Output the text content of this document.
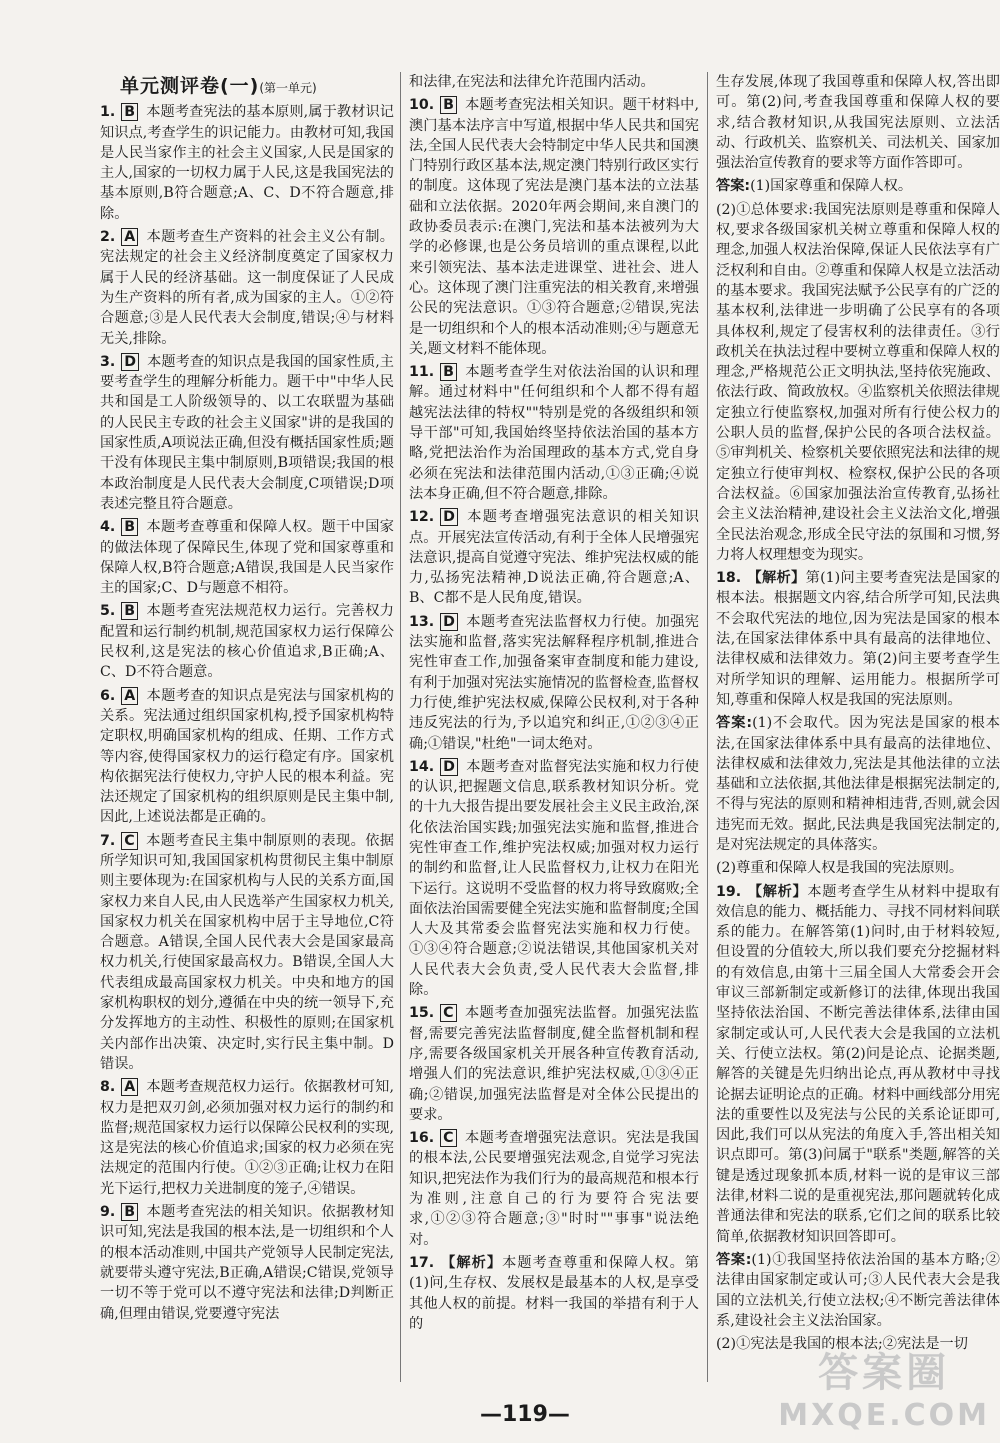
单元测评卷(一)(第一单元)
1. B 本题考查宪法的基本原则,属于教材识记知识点,考查学生的识记能力。由教材可知,我国是人民当家作主的社会主义国家,人民是国家的主人,国家的一切权力属于人民,这是我国宪法的基本原则,B符合题意;A、C、D不符合题意,排除。
2. A 本题考查生产资料的社会主义公有制。宪法规定的社会主义经济制度奠定了国家权力属于人民的经济基础。这一制度保证了人民成为生产资料的所有者,成为国家的主人。①②符合题意;③是人民代表大会制度,错误;④与材料无关,排除。
3. D 本题考查的知识点是我国的国家性质,主要考查学生的理解分析能力。题干中"中华人民共和国是工人阶级领导的、以工农联盟为基础的人民民主专政的社会主义国家"讲的是我国的国家性质,A项说法正确,但没有概括国家性质;题干没有体现民主集中制原则,B项错误;我国的根本政治制度是人民代表大会制度,C项错误;D项表述完整且符合题意。
4. B 本题考查尊重和保障人权。题干中国家的做法体现了保障民生,体现了党和国家尊重和保障人权,B符合题意;A错误,我国是人民当家作主的国家;C、D与题意不相符。
5. B 本题考查宪法规范权力运行。完善权力配置和运行制约机制,规范国家权力运行保障公民权利,这是宪法的核心价值追求,B正确;A、C、D不符合题意。
6. A 本题考查的知识点是宪法与国家机构的关系。宪法通过组织国家机构,授予国家机构特定职权,明确国家机构的组成、任期、工作方式等内容,使得国家权力的运行稳定有序。国家机构依据宪法行使权力,守护人民的根本利益。宪法还规定了国家机构的组织原则是民主集中制,因此,上述说法都是正确的。
7. C 本题考查民主集中制原则的表现。依据所学知识可知,我国国家机构贯彻民主集中制原则主要体现为:在国家机构与人民的关系方面,国家权力来自人民,由人民选举产生国家权力机关,国家权力机关在国家机构中居于主导地位,C符合题意。A错误,全国人民代表大会是国家最高权力机关,行使国家最高权力。B错误,全国人大代表组成最高国家权力机关。中央和地方的国家机构职权的划分,遵循在中央的统一领导下,充分发挥地方的主动性、积极性的原则;在国家机关内部作出决策、决定时,实行民主集中制。D错误。
8. A 本题考查规范权力运行。依据教材可知,权力是把双刃剑,必须加强对权力运行的制约和监督;规范国家权力运行以保障公民权利的实现,这是宪法的核心价值追求;国家的权力必须在宪法规定的范围内行使。①②③正确;让权力在阳光下运行,把权力关进制度的笼子,④错误。
9. B 本题考查宪法的相关知识。依据教材知识可知,宪法是我国的根本法,是一切组织和个人的根本活动准则,中国共产党领导人民制定宪法,就要带头遵守宪法,B正确,A错误;C错误,党领导一切不等于党可以不遵守宪法和法律;D判断正确,但理由错误,党要遵守宪法
和法律,在宪法和法律允许范围内活动。
10. B 本题考查宪法相关知识。题干材料中,澳门基本法序言中写道,根据中华人民共和国宪法,全国人民代表大会特制定中华人民共和国澳门特别行政区基本法,规定澳门特别行政区实行的制度。这体现了宪法是澳门基本法的立法基础和立法依据。2020年两会期间,来自澳门的政协委员表示:在澳门,宪法和基本法被列为大学的必修课,也是公务员培训的重点课程,以此来引领宪法、基本法走进课堂、进社会、进人心。这体现了澳门注重宪法的相关教育,来增强公民的宪法意识。①③符合题意;②错误,宪法是一切组织和个人的根本活动准则;④与题意无关,题文材料不能体现。
11. B 本题考查学生对依法治国的认识和理解。通过材料中"任何组织和个人都不得有超越宪法法律的特权""特别是党的各级组织和领导干部"可知,我国始终坚持依法治国的基本方略,党把法治作为治国理政的基本方式,党自身必须在宪法和法律范围内活动,①③正确;④说法本身正确,但不符合题意,排除。
12. D 本题考查增强宪法意识的相关知识点。开展宪法宣传活动,有利于全体人民增强宪法意识,提高自觉遵守宪法、维护宪法权威的能力,弘扬宪法精神,D说法正确,符合题意;A、B、C都不是人民角度,错误。
13. D 本题考查宪法监督权力行使。加强宪法实施和监督,落实宪法解释程序机制,推进合宪性审查工作,加强备案审查制度和能力建设,有利于加强对宪法实施情况的监督检查,监督权力行使,维护宪法权威,保障公民权利,对于各种违反宪法的行为,予以追究和纠正,①②③④正确;①错误,"杜绝"一词太绝对。
14. D 本题考查对监督宪法实施和权力行使的认识,把握题文信息,联系教材知识分析。党的十九大报告提出要发展社会主义民主政治,深化依法治国实践;加强宪法实施和监督,推进合宪性审查工作,维护宪法权威;加强对权力运行的制约和监督,让人民监督权力,让权力在阳光下运行。这说明不受监督的权力将导致腐败;全面依法治国需要健全宪法实施和监督制度;全国人大及其常委会监督宪法实施和权力行使。①③④符合题意;②说法错误,其他国家机关对人民代表大会负责,受人民代表大会监督,排除。
15. C 本题考查加强宪法监督。加强宪法监督,需要完善宪法监督制度,健全监督机制和程序,需要各级国家机关开展各种宣传教育活动,增强人们的宪法意识,维护宪法权威,①③④正确;②错误,加强宪法监督是对全体公民提出的要求。
16. C 本题考查增强宪法意识。宪法是我国的根本法,公民要增强宪法观念,自觉学习宪法知识,把宪法作为我们行为的最高规范和根本行为准则,注意自己的行为要符合宪法要求,①②③符合题意;③"时时""事事"说法绝对。
17. 【解析】本题考查尊重和保障人权。第(1)问,生存权、发展权是最基本的人权,是享受其他人权的前提。材料一我国的举措有利于人的
生存发展,体现了我国尊重和保障人权,答出即可。第(2)问,考查我国尊重和保障人权的要求,结合教材知识,从我国宪法原则、立法活动、行政机关、监察机关、司法机关、国家加强法治宣传教育的要求等方面作答即可。
答案:(1)国家尊重和保障人权。
(2)①总体要求:我国宪法原则是尊重和保障人权,要求各级国家机关树立尊重和保障人权的理念,加强人权法治保障,保证人民依法享有广泛权利和自由。②尊重和保障人权是立法活动的基本要求。我国宪法赋予公民享有的广泛的基本权利,法律进一步明确了公民享有的各项具体权利,规定了侵害权利的法律责任。③行政机关在执法过程中要树立尊重和保障人权的理念,严格规范公正文明执法,坚持依宪施政、依法行政、简政放权。④监察机关依照法律规定独立行使监察权,加强对所有行使公权力的公职人员的监督,保护公民的各项合法权益。⑤审判机关、检察机关要依照宪法和法律的规定独立行使审判权、检察权,保护公民的各项合法权益。⑥国家加强法治宣传教育,弘扬社会主义法治精神,建设社会主义法治文化,增强全民法治观念,形成全民守法的氛围和习惯,努力将人权理想变为现实。
18. 【解析】第(1)问主要考查宪法是国家的根本法。根据题文内容,结合所学可知,民法典不会取代宪法的地位,因为宪法是国家的根本法,在国家法律体系中具有最高的法律地位、法律权威和法律效力。第(2)问主要考查学生对所学知识的理解、运用能力。根据所学可知,尊重和保障人权是我国的宪法原则。
答案:(1)不会取代。因为宪法是国家的根本法,在国家法律体系中具有最高的法律地位、法律权威和法律效力,宪法是其他法律的立法基础和立法依据,其他法律是根据宪法制定的,不得与宪法的原则和精神相违背,否则,就会因违宪而无效。据此,民法典是我国宪法制定的,是对宪法规定的具体落实。
(2)尊重和保障人权是我国的宪法原则。
19. 【解析】本题考查学生从材料中提取有效信息的能力、概括能力、寻找不同材料间联系的能力。在解答第(1)问时,由于材料较短,但设置的分值较大,所以我们要充分挖掘材料的有效信息,由第十三届全国人大常委会开会审议三部新制定或新修订的法律,体现出我国坚持依法治国、不断完善法律体系,法律由国家制定或认可,人民代表大会是我国的立法机关、行使立法权。第(2)问是论点、论据类题,解答的关键是先归纳出论点,再从教材中寻找论据去证明论点的正确。材料中画线部分用宪法的重要性以及宪法与公民的关系论证即可,因此,我们可以从宪法的角度入手,答出相关知识点即可。第(3)问属于"联系"类题,解答的关键是透过现象抓本质,材料一说的是审议三部法律,材料二说的是重视宪法,那问题就转化成普通法律和宪法的联系,它们之间的联系比较简单,依据教材知识回答即可。
答案:(1)①我国坚持依法治国的基本方略;②法律由国家制定或认可;③人民代表大会是我国的立法机关,行使立法权;④不断完善法律体系,建设社会主义法治国家。
(2)①宪法是我国的根本法;②宪法是一切
—119—
答案圈
MXQE.COM
